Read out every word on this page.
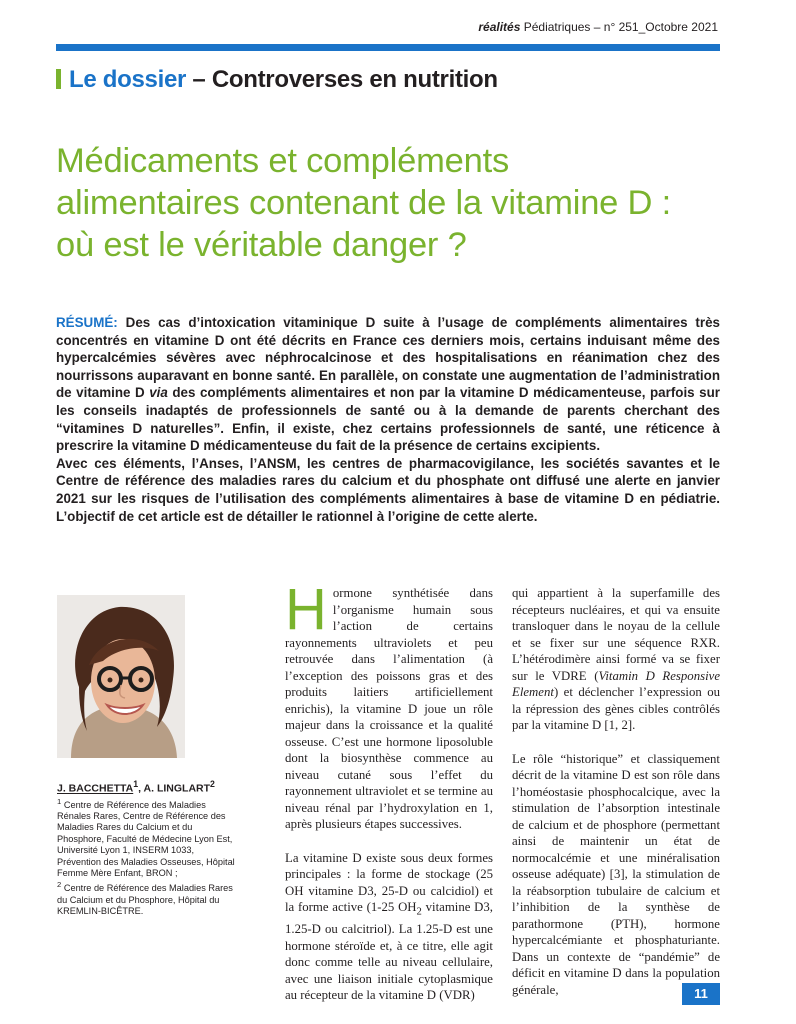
réalités Pédiatriques – n° 251_Octobre 2021
Le dossier – Controverses en nutrition
Médicaments et compléments
alimentaires contenant de la vitamine D :
où est le véritable danger ?

RÉSUMÉ: Des cas d’intoxication vitaminique D suite à l’usage de compléments alimentaires très concentrés en vitamine D ont été décrits en France ces derniers mois, certains induisant même des hypercalcémies sévères avec néphrocalcinose et des hospitalisations en réanimation chez des nourrissons auparavant en bonne santé. En parallèle, on constate une augmentation de l’administration de vitamine D via des compléments alimentaires et non par la vitamine D médicamenteuse, parfois sur les conseils inadaptés de professionnels de santé ou à la demande de parents cherchant des “vitamines D naturelles”. Enfin, il existe, chez certains professionnels de santé, une réticence à prescrire la vitamine D médicamenteuse du fait de la présence de certains excipients.

Avec ces éléments, l’Anses, l’ANSM, les centres de pharmacovigilance, les sociétés savantes et le Centre de référence des maladies rares du calcium et du phosphate ont diffusé une alerte en janvier 2021 sur les risques de l’utilisation des compléments alimentaires à base de vitamine D en pédiatrie. L’objectif de cet article est de détailler le rationnel à l’origine de cette alerte.

J. BACCHETTA$^1$, A. LINGLART$^2$

$^1$ Centre de Référence des Maladies Rénales Rares, Centre de Référence des Maladies Rares du Calcium et du Phosphore, Faculté de Médecine Lyon Est, Université Lyon 1, INSERM 1033, Prévention des Maladies Osseuses, Hôpital Femme Mère Enfant, BRON ;

$^2$ Centre de Référence des Maladies Rares du Calcium et du Phosphore, Hôpital du KREMLIN-BICÊTRE.

Hormone synthétisée dans l’organisme humain sous l’action de certains rayonnements ultraviolets et peu retrouvée dans l’alimentation (à l’exception des poissons gras et des produits laitiers artificiellement enrichis), la vitamine D joue un rôle majeur dans la croissance et la qualité osseuse. C’est une hormone liposoluble dont la biosynthèse commence au niveau cutané sous l’effet du rayonnement ultraviolet et se termine au niveau rénal par l’hydroxylation en 1, après plusieurs étapes successives.

La vitamine D existe sous deux formes principales : la forme de stockage (25 OH vitamine D3, 25-D ou calcidiol) et la forme active (1-25 $OH_2$ vitamine D3, 1.25-D ou calcitriol). La 1.25-D est une hormone stéroïde et, à ce titre, elle agit donc comme telle au niveau cellulaire, avec une liaison initiale cytoplasmique au récepteur de la vitamine D (VDR)

qui appartient à la superfamille des récepteurs nucléaires, et qui va ensuite transloquer dans le noyau de la cellule et se fixer sur une séquence RXR. L’hétérodimère ainsi formé va se fixer sur le VDRE (Vitamin D Responsive Element) et déclencher l’expression ou la répression des gènes cibles contrôlés par la vitamine D [1, 2].

Le rôle “historique” et classiquement décrit de la vitamine D est son rôle dans l’homéostasie phosphocalcique, avec la stimulation de l’absorption intestinale de calcium et de phosphore (permettant ainsi de maintenir un état de normocalcémie et une minéralisation osseuse adéquate) [3], la stimulation de la réabsorption tubulaire de calcium et l’inhibition de la synthèse de parathormone (PTH), hormone hypercalcémiante et phosphaturiante. Dans un contexte de “pandémie” de déficit en vitamine D dans la population générale,	11
